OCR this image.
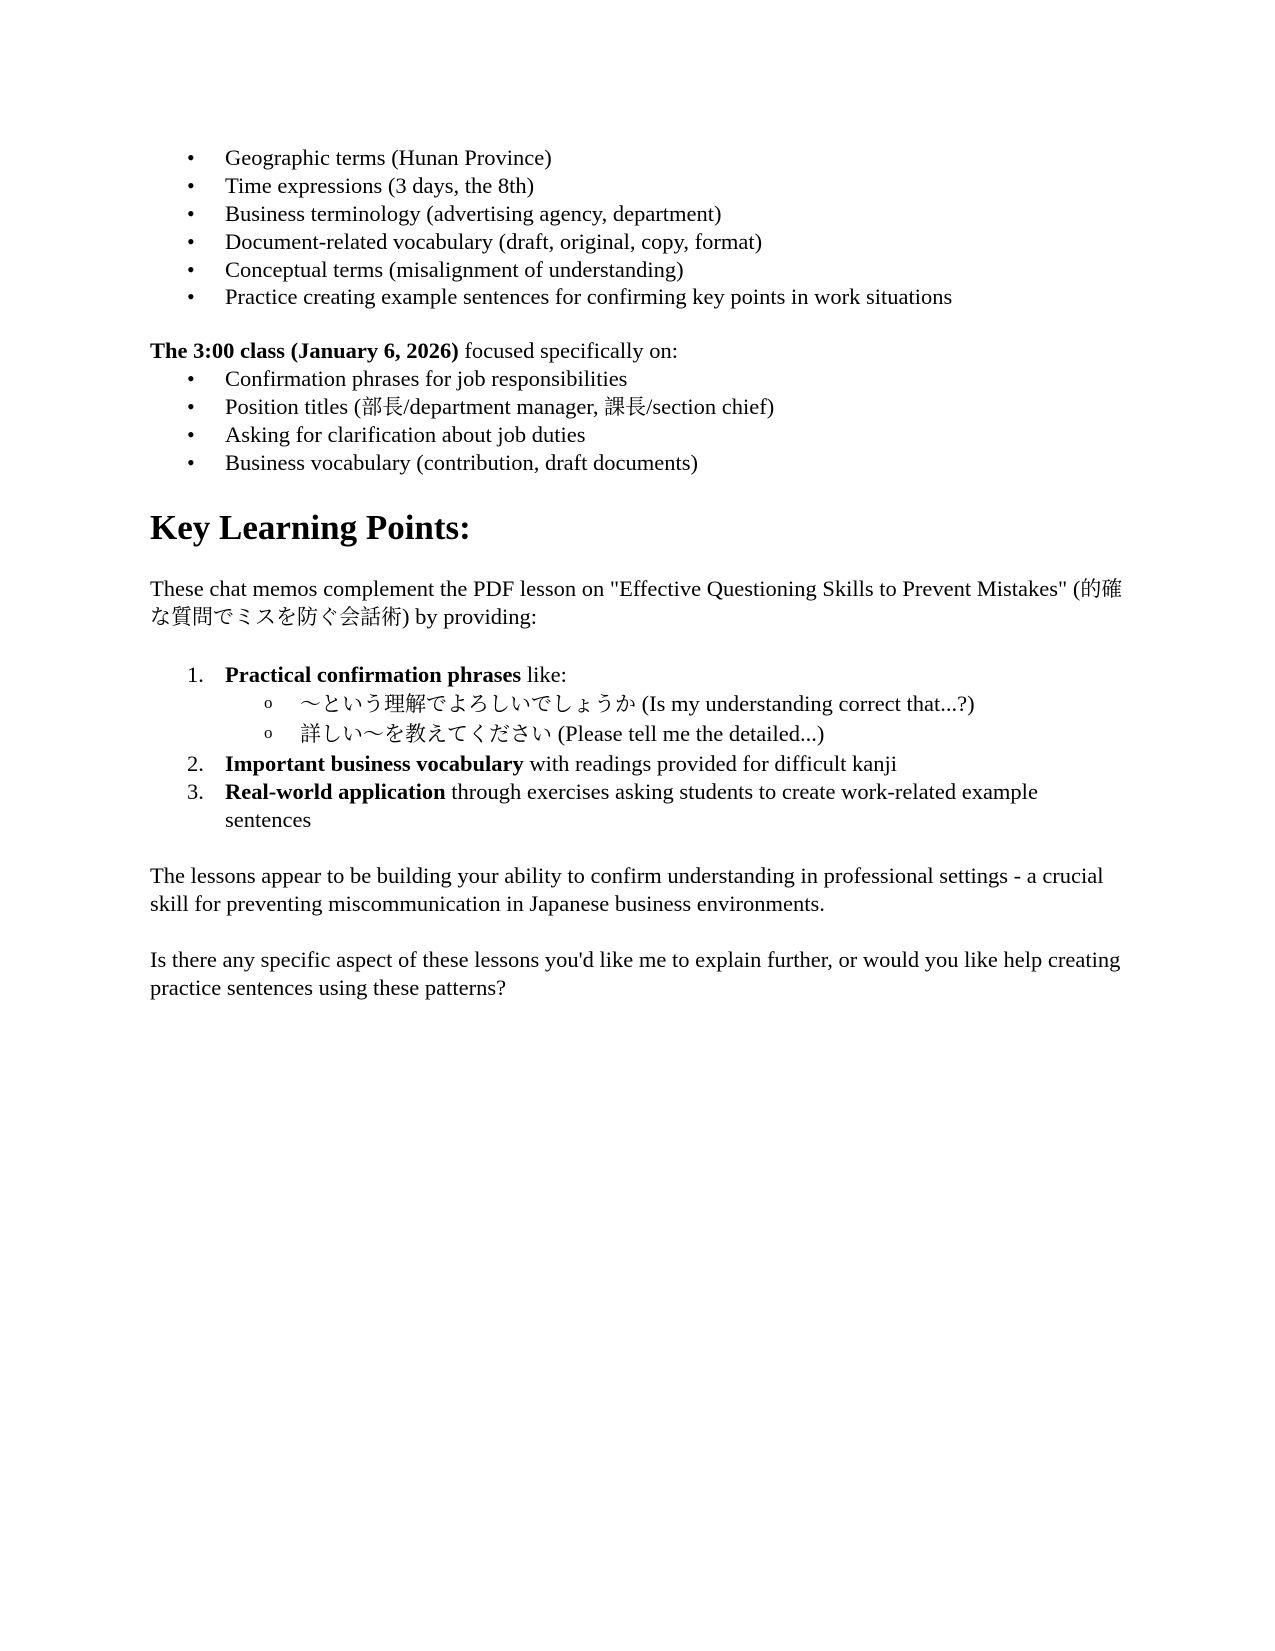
• Geographic terms (Hunan Province)
• Time expressions (3 days, the 8th)
• Business terminology (advertising agency, department)
• Document-related vocabulary (draft, original, copy, format)
• Conceptual terms (misalignment of understanding)
• Practice creating example sentences for confirming key points in work situations

The 3:00 class (January 6, 2026) focused specifically on:

• Confirmation phrases for job responsibilities
• Position titles (部長/department manager, 課長/section chief)
• Asking for clarification about job duties
• Business vocabulary (contribution, draft documents)
Key Learning Points:

These chat memos complement the PDF lesson on "Effective Questioning Skills to Prevent Mistakes" (的確な質問でミスを防ぐ会話術) by providing:

1. Practical confirmation phrases like:
o 〜という理解でよろしいでしょうか (Is my understanding correct that...?)
o 詳しい〜を教えてください (Please tell me the detailed...)
2. Important business vocabulary with readings provided for difficult kanji
3. Real-world application through exercises asking students to create work-related example sentences

The lessons appear to be building your ability to confirm understanding in professional settings - a crucial skill for preventing miscommunication in Japanese business environments.

Is there any specific aspect of these lessons you'd like me to explain further, or would you like help creating practice sentences using these patterns?
